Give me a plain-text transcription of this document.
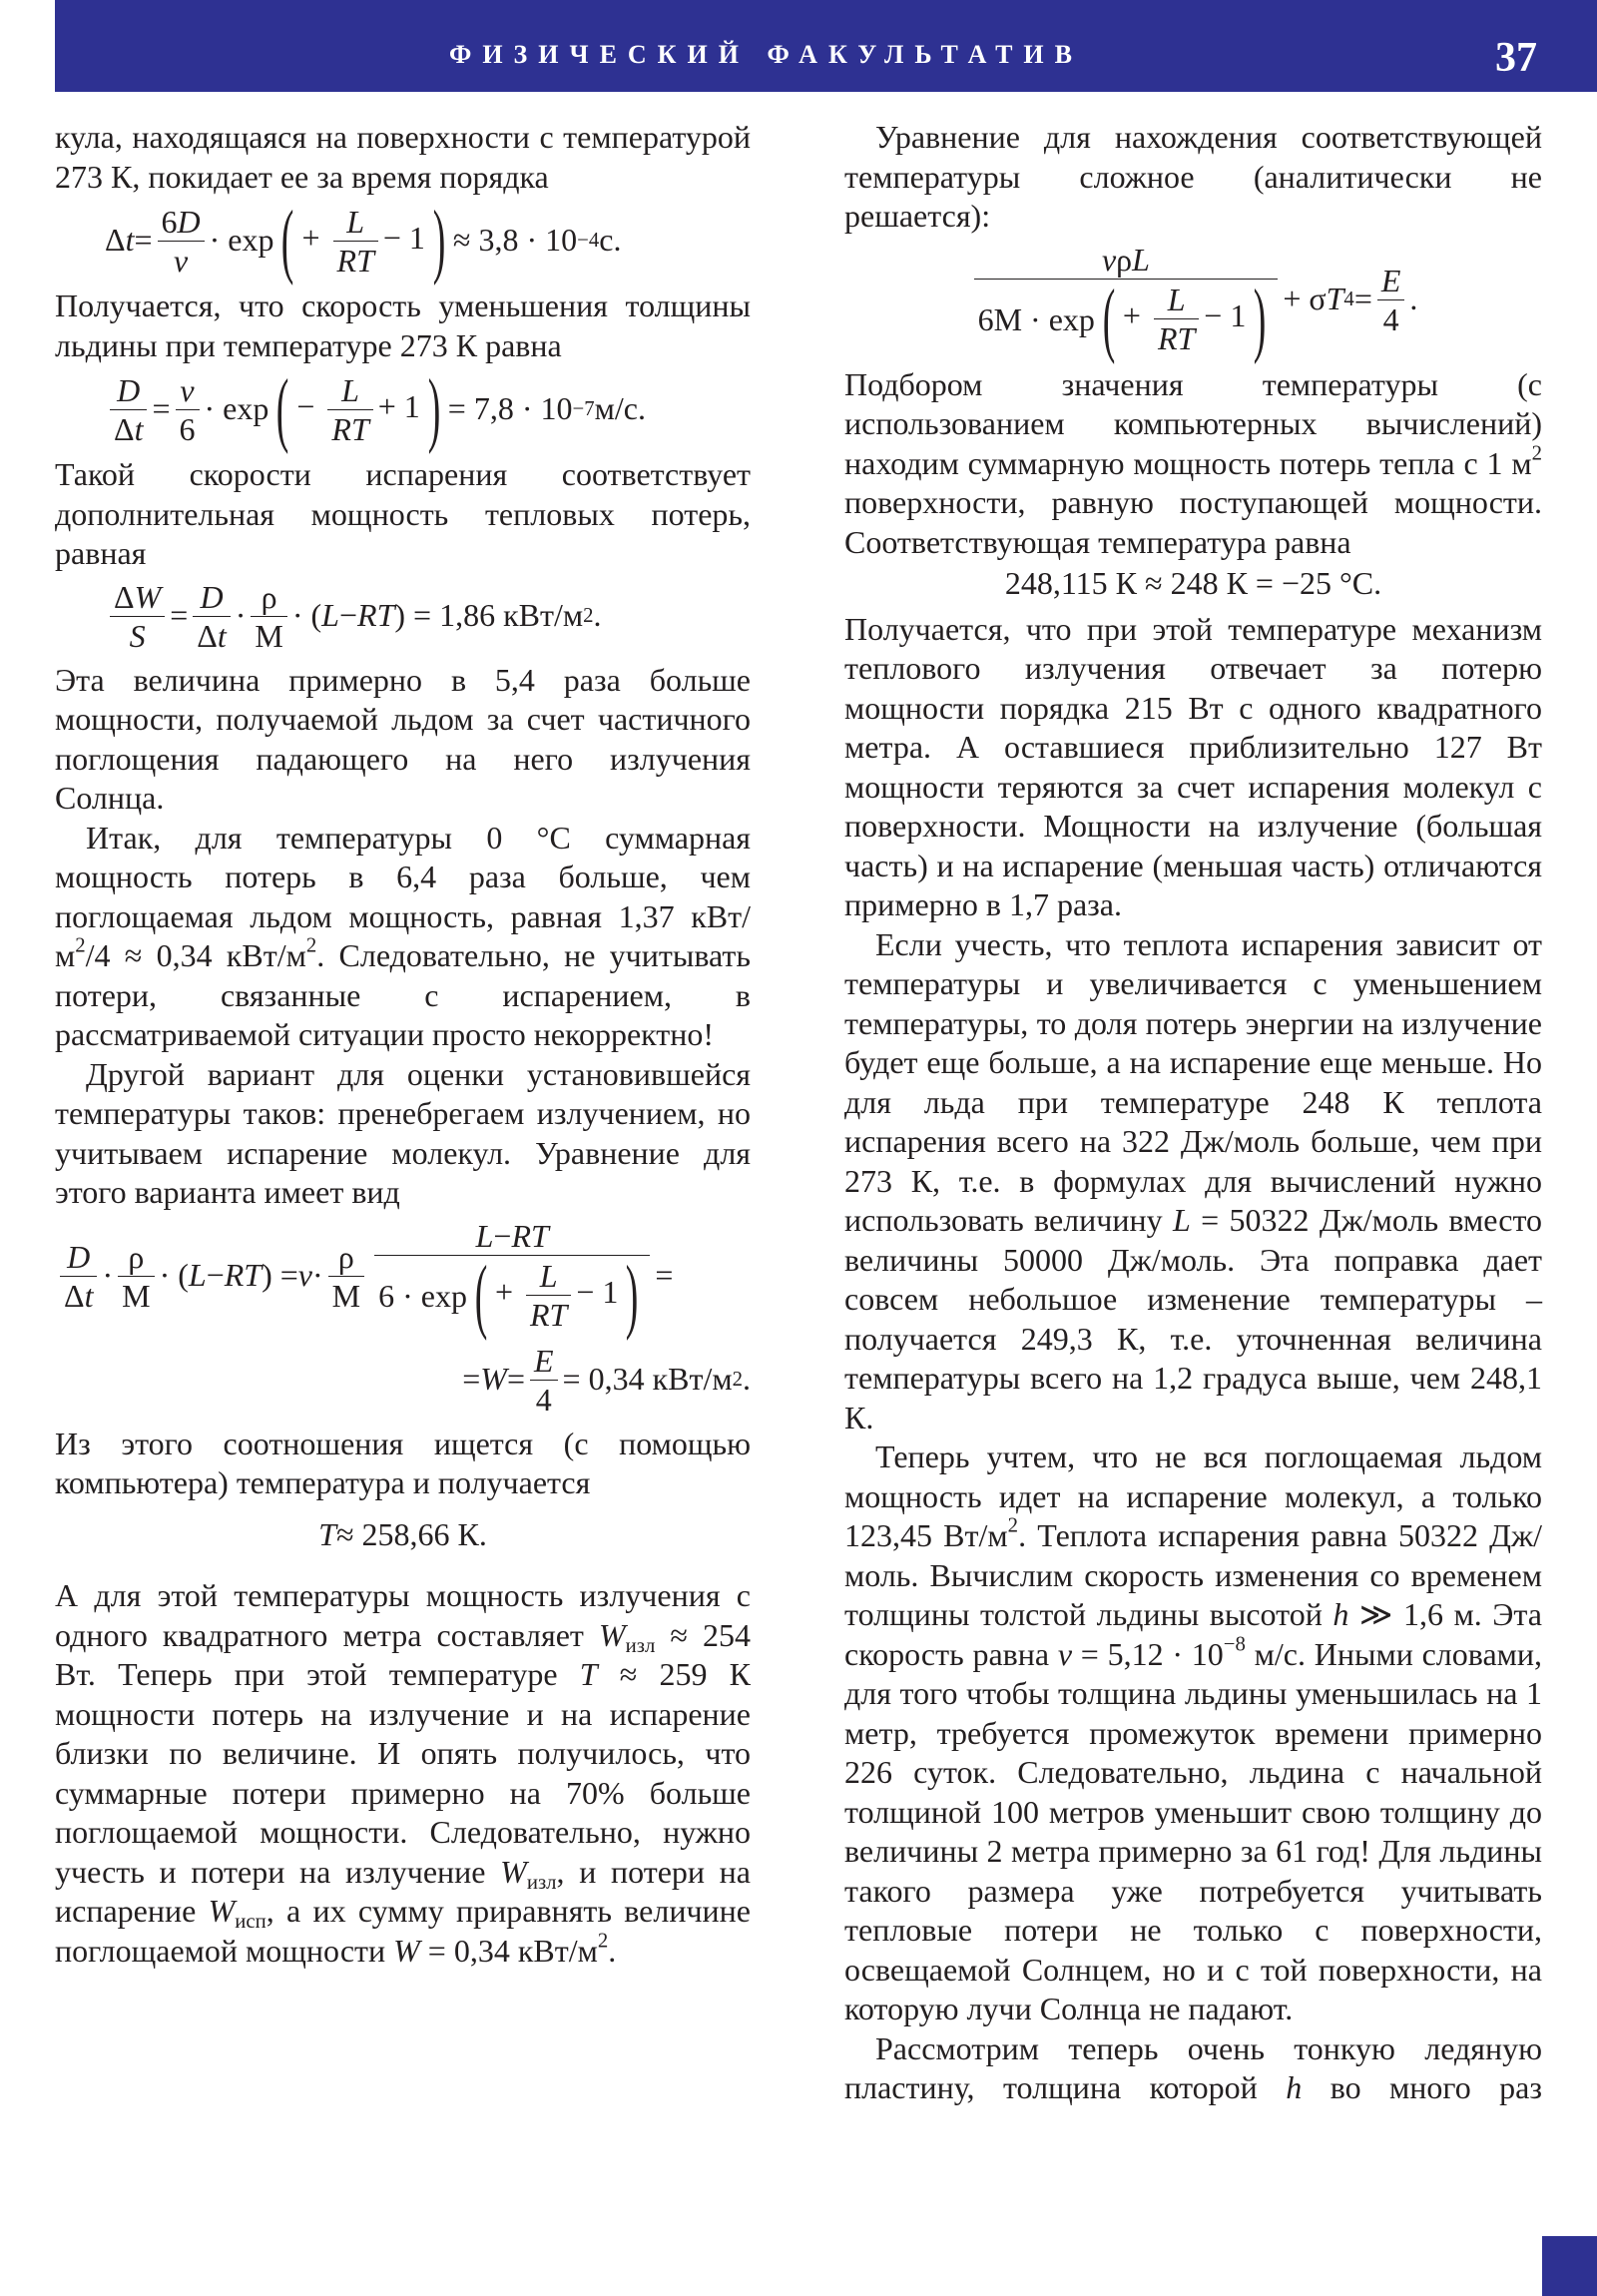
ФИЗИЧЕСКИЙ ФАКУЛЬТАТИВ	37

кула, находящаяся на поверхности с температурой 273 К, покидает ее за время порядка

Δ $t = \frac{6 D}{v} \cdot \exp$ ( + $\frac{L}{RT} - 1$ ) ≈ 3,8 · 10 −4 с.

Получается, что скорость уменьшения толщины льдины при температуре 273 К равна

$\frac{D}{\text{Δ t}} = \frac{v}{6} \cdot \exp$ ( − $\frac{L}{RT} + 1$ ) = 7,8 · 10 −7 м/с.

Такой скорости испарения соответствует дополнительная мощность тепловых потерь, равная

$\frac{\text{Δ W}}{S} = \frac{D}{\text{Δ t}} \cdot \frac{\rho}{M}$ · ( L − RT ) = 1,86 кВт/м 2 .

Эта величина примерно в 5,4 раза больше мощности, получаемой льдом за счет частичного поглощения падающего на него излучения Солнца.

Итак, для температуры 0 °С суммарная мощность потерь в 6,4 раза больше, чем поглощаемая льдом мощность, равная 1,37 кВт/$м^2/4 \approx 0,34$ кВт/$м^2$. Следовательно, не учитывать потери, связанные с испарением, в рассматриваемой ситуации просто некорректно!

Другой вариант для оценки установившейся температуры таков: пренебрегаем излучением, но учитываем испарение молекул. Уравнение для этого варианта имеет вид

$\frac{D}{\text{Δ t}} \cdot \frac{\rho}{M}$ · ( L − RT ) = $v \cdot \frac{\rho}{M} \frac{L - RT}{6 \cdot \exp ( + \frac{L}{RT} - 1 )}$ =
= $W = \frac{E}{4} = 0,34$ кВт/м 2 .

Из этого соотношения ищется (с помощью компьютера) температура и получается

T ≈ 258,66 К.

А для этой температуры мощность излучения с одного квадратного метра составляет $W_{изл} \approx 254$ Вт. Теперь при этой температуре T ≈ 259 К мощности потерь на излучение и на испарение близки по величине. И опять получилось, что суммарные потери примерно на 70% больше поглощаемой мощности. Следовательно, нужно учесть и потери на излучение $W_{изл}$, и потери на испарение $W_{исп}$, а их сумму приравнять величине поглощаемой мощности W = 0,34 кВт/$м^2$.

Уравнение для нахождения соответствующей температуры сложное (аналитически не решается):

$\frac{\text{v ρ L}}{6M \cdot \exp ( + \frac{L}{RT} - 1 )} + \sigma$ T $4 = \frac{E}{4}$ .

Подбором значения температуры (с использованием компьютерных вычислений) находим суммарную мощность потерь тепла с 1 $м^2$ поверхности, равную поступающей мощности. Соответствующая температура равна

248,115 К ≈ 248 К = −25 °С.

Получается, что при этой температуре механизм теплового излучения отвечает за потерю мощности порядка 215 Вт с одного квадратного метра. А оставшиеся приблизительно 127 Вт мощности теряются за счет испарения молекул с поверхности. Мощности на излучение (большая часть) и на испарение (меньшая часть) отличаются примерно в 1,7 раза.

Если учесть, что теплота испарения зависит от температуры и увеличивается с уменьшением температуры, то доля потерь энергии на излучение будет еще больше, а на испарение еще меньше. Но для льда при температуре 248 К теплота испарения всего на 322 Дж/моль больше, чем при 273 К, т.е. в формулах для вычислений нужно использовать величину L = 50322 Дж/моль вместо величины 50000 Дж/моль. Эта поправка дает совсем небольшое изменение температуры – получается 249,3 К, т.е. уточненная величина температуры всего на 1,2 градуса выше, чем 248,1 К.

Теперь учтем, что не вся поглощаемая льдом мощность идет на испарение молекул, а только 123,45 $Вт/м^2$. Теплота испарения равна 50322 Дж/моль. Вычислим скорость изменения со временем толщины толстой льдины высотой h ≫ 1,6 м. Эта скорость равна $v = 5,12 \cdot 10^{-8}$ м/с. Иными словами, для того чтобы толщина льдины уменьшилась на 1 метр, требуется промежуток времени примерно 226 суток. Следовательно, льдина с начальной толщиной 100 метров уменьшит свою толщину до величины 2 метра примерно за 61 год! Для льдины такого размера уже потребуется учитывать тепловые потери не только с поверхности, освещаемой Солнцем, но и с той поверхности, на которую лучи Солнца не падают.

Рассмотрим теперь очень тонкую ледяную пластину, толщина которой h во много раз
